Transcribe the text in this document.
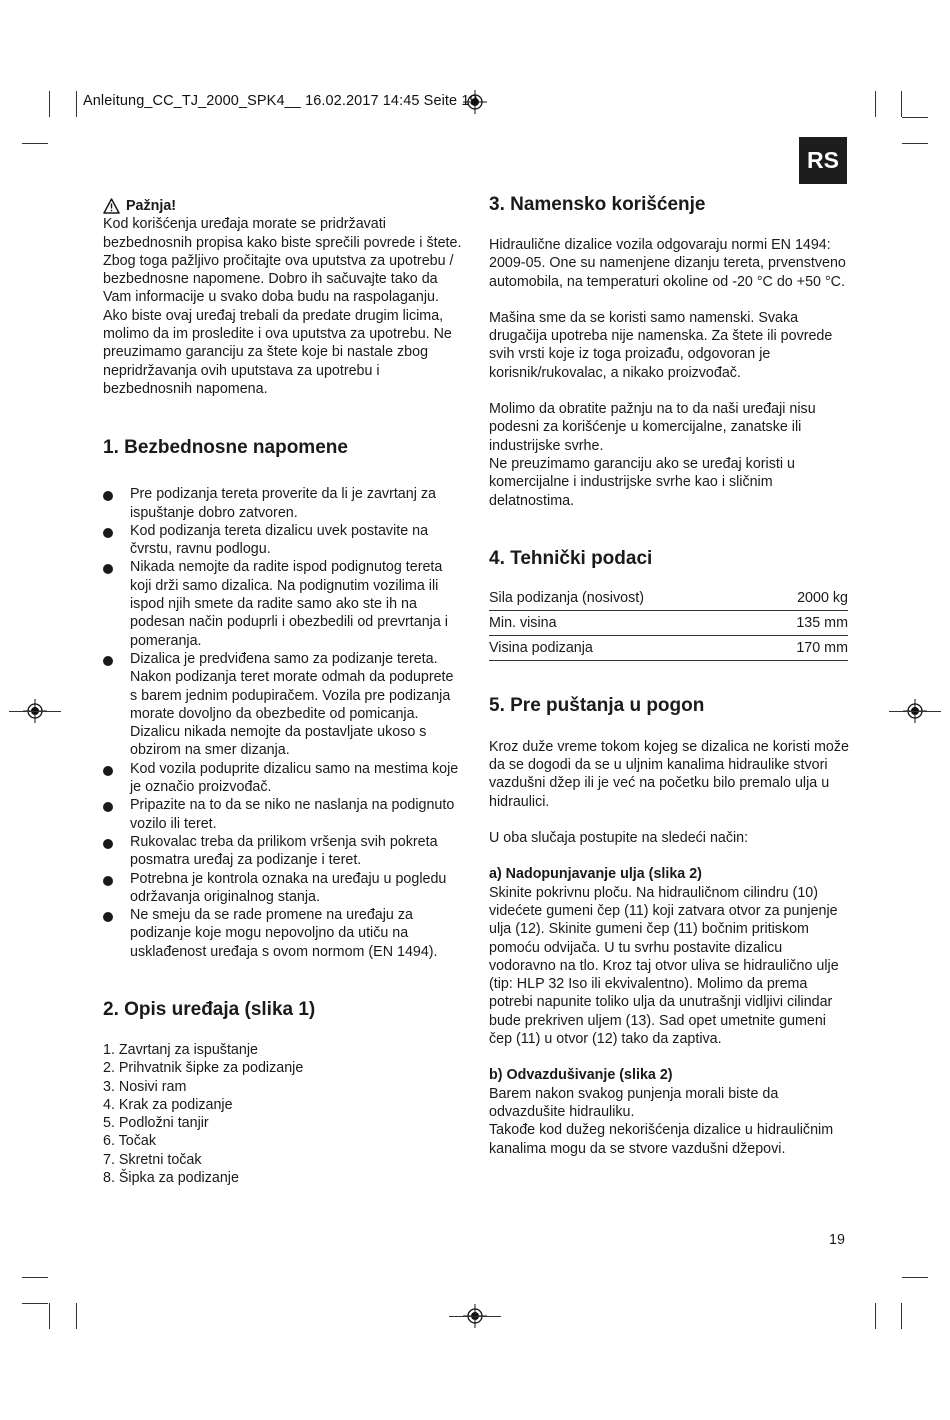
Anleitung_CC_TJ_2000_SPK4__ 16.02.2017 14:45 Seite 19
RS
Pažnja!

Kod korišćenja uređaja morate se pridržavati bezbednosnih propisa kako biste sprečili povrede i štete. Zbog toga pažljivo pročitajte ova uputstva za upotrebu / bezbednosne napomene. Dobro ih sačuvajte tako da Vam informacije u svako doba budu na raspolaganju. Ako biste ovaj uređaj trebali da predate drugim licima, molimo da im prosledite i ova uputstva za upotrebu. Ne preuzimamo garanciju za štete koje bi nastale zbog nepridržavanja ovih uputstava za upotrebu i bezbednosnih napomena.

1. Bezbednosne napomene
Pre podizanja tereta proverite da li je zavrtanj za ispuštanje dobro zatvoren.
Kod podizanja tereta dizalicu uvek postavite na čvrstu, ravnu podlogu.
Nikada nemojte da radite ispod podignutog tereta koji drži samo dizalica. Na podignutim vozilima ili ispod njih smete da radite samo ako ste ih na podesan način poduprli i obezbedili od prevrtanja i pomeranja.
Dizalica je predviđena samo za podizanje tereta. Nakon podizanja teret morate odmah da poduprete s barem jednim podupiračem. Vozila pre podizanja morate dovoljno da obezbedite od pomicanja. Dizalicu nikada nemojte da postavljate ukoso s obzirom na smer dizanja.
Kod vozila poduprite dizalicu samo na mestima koje je označio proizvođač.
Pripazite na to da se niko ne naslanja na podignuto vozilo ili teret.
Rukovalac treba da prilikom vršenja svih pokreta posmatra uređaj za podizanje i teret.
Potrebna je kontrola oznaka na uređaju u pogledu održavanja originalnog stanja.
Ne smeju da se rade promene na uređaju za podizanje koje mogu nepovoljno da utiču na usklađenost uređaja s ovom normom (EN 1494).
2. Opis uređaja (slika 1)
1. Zavrtanj za ispuštanje
2. Prihvatnik šipke za podizanje
3. Nosivi ram
4. Krak za podizanje
5. Podložni tanjir
6. Točak
7. Skretni točak
8. Šipka za podizanje
3. Namensko korišćenje

Hidraulične dizalice vozila odgovaraju normi EN 1494: 2009-05. One su namenjene dizanju tereta, prvenstveno automobila, na temperaturi okoline od -20 °C do +50 °C.

Mašina sme da se koristi samo namenski. Svaka drugačija upotreba nije namenska. Za štete ili povrede svih vrsti koje iz toga proizađu, odgovoran je korisnik/rukovalac, a nikako proizvođač.

Molimo da obratite pažnju na to da naši uređaji nisu podesni za korišćenje u komercijalne, zanatske ili industrijske svrhe.

Ne preuzimamo garanciju ako se uređaj koristi u komercijalne i industrijske svrhe kao i sličnim delatnostima.

4. Tehnički podaci
Sila podizanja (nosivost)	2000 kg
Min. visina	135 mm
Visina podizanja	170 mm
5. Pre puštanja u pogon

Kroz duže vreme tokom kojeg se dizalica ne koristi može da se dogodi da se u uljnim kanalima hidraulike stvori vazdušni džep ili je već na početku bilo premalo ulja u hidraulici.

U oba slučaja postupite na sledeći način:

a) Nadopunjavanje ulja (slika 2)

Skinite pokrivnu ploču. Na hidrauličnom cilindru (10) videćete gumeni čep (11) koji zatvara otvor za punjenje ulja (12). Skinite gumeni čep (11) bočnim pritiskom pomoću odvijača. U tu svrhu postavite dizalicu vodoravno na tlo. Kroz taj otvor uliva se hidraulično ulje (tip: HLP 32 Iso ili ekvivalentno). Molimo da prema potrebi napunite toliko ulja da unutrašnji vidljivi cilindar bude prekriven uljem (13). Sad opet umetnite gumeni čep (11) u otvor (12) tako da zaptiva.

b) Odvazdušivanje (slika 2)

Barem nakon svakog punjenja morali biste da odvazdušite hidrauliku.

Takođe kod dužeg nekorišćenja dizalice u hidrauličnim kanalima mogu da se stvore vazdušni džepovi.

19
